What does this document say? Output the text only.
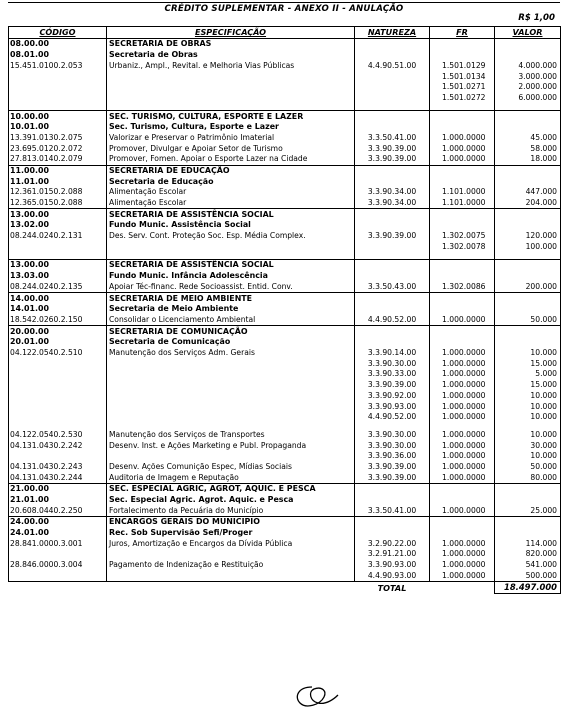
CRÉDITO SUPLEMENTAR - ANEXO II - ANULAÇÃO
R$ 1,00
CÓDIGO	ESPECIFICAÇÃO	NATUREZA	FR	VALOR
08.00.00	SECRETARIA DE OBRAS			
08.01.00	Secretaria de Obras			
15.451.0100.2.053	Urbaniz., Ampl., Revital. e Melhoria Vias Públicas	4.4.90.51.00	1.501.0129	4.000.000
			1.501.0134	3.000.000
			1.501.0271	2.000.000
			1.501.0272	6.000.000

10.00.00	SEC. TURISMO, CULTURA, ESPORTE E LAZER			
10.01.00	Sec. Turismo, Cultura, Esporte e Lazer			
13.391.0130.2.075	Valorizar e Preservar o Patrimônio Imaterial	3.3.50.41.00	1.000.0000	45.000
23.695.0120.2.072	Promover, Divulgar e Apoiar Setor de Turismo	3.3.90.39.00	1.000.0000	58.000
27.813.0140.2.079	Promover, Fomen. Apoiar o Esporte Lazer na Cidade	3.3.90.39.00	1.000.0000	18.000
11.00.00	SECRETARIA DE EDUCAÇÃO			
11.01.00	Secretaria de Educação			
12.361.0150.2.088	Alimentação Escolar	3.3.90.34.00	1.101.0000	447.000
12.365.0150.2.088	Alimentação Escolar	3.3.90.34.00	1.101.0000	204.000
13.00.00	SECRETARIA DE ASSISTÊNCIA SOCIAL			
13.02.00	Fundo Munic. Assistência Social			
08.244.0240.2.131	Des. Serv. Cont. Proteção Soc. Esp. Média Complex.	3.3.90.39.00	1.302.0075	120.000
			1.302.0078	100.000

13.00.00	SECRETARIA DE ASSISTÊNCIA SOCIAL			
13.03.00	Fundo Munic. Infância Adolescência			
08.244.0240.2.135	Apoiar Téc-financ. Rede Socioassist. Entid. Conv.	3.3.50.43.00	1.302.0086	200.000
14.00.00	SECRETARIA DE MEIO AMBIENTE			
14.01.00	Secretaria de Meio Ambiente			
18.542.0260.2.150	Consolidar o Licenciamento Ambiental	4.4.90.52.00	1.000.0000	50.000
20.00.00	SECRETARIA DE COMUNICAÇÃO			
20.01.00	Secretaria de Comunicação			
04.122.0540.2.510	Manutenção dos Serviços Adm. Gerais	3.3.90.14.00	1.000.0000	10.000
		3.3.90.30.00	1.000.0000	15.000
		3.3.90.33.00	1.000.0000	5.000
		3.3.90.39.00	1.000.0000	15.000
		3.3.90.92.00	1.000.0000	10.000
		3.3.90.93.00	1.000.0000	10.000
		4.4.90.52.00	1.000.0000	10.000

04.122.0540.2.530	Manutenção dos Serviços de Transportes	3.3.90.30.00	1.000.0000	10.000
04.131.0430.2.242	Desenv. Inst. e Ações Marketing e Publ. Propaganda	3.3.90.30.00	1.000.0000	30.000
		3.3.90.36.00	1.000.0000	10.000
04.131.0430.2.243	Desenv. Ações Comunição Espec, Mídias Sociais	3.3.90.39.00	1.000.0000	50.000
04.131.0430.2.244	Auditoria de Imagem e Reputação	3.3.90.39.00	1.000.0000	80.000
21.00.00	SEC. ESPECIAL AGRIC, AGROT, AQUIC. E PESCA			
21.01.00	Sec. Especial Agric. Agrot. Aquic. e Pesca			
20.608.0440.2.250	Fortalecimento da Pecuária do Município	3.3.50.41.00	1.000.0000	25.000
24.00.00	ENCARGOS GERAIS DO MUNICIPIO			
24.01.00	Rec. Sob Supervisão Sefi/Proger			
28.841.0000.3.001	Juros, Amortização e Encargos da Dívida Pública	3.2.90.22.00	1.000.0000	114.000
		3.2.91.21.00	1.000.0000	820.000
28.846.0000.3.004	Pagamento de Indenização e Restituição	3.3.90.93.00	1.000.0000	541.000
		4.4.90.93.00	1.000.0000	500.000
		TOTAL		18.497.000
